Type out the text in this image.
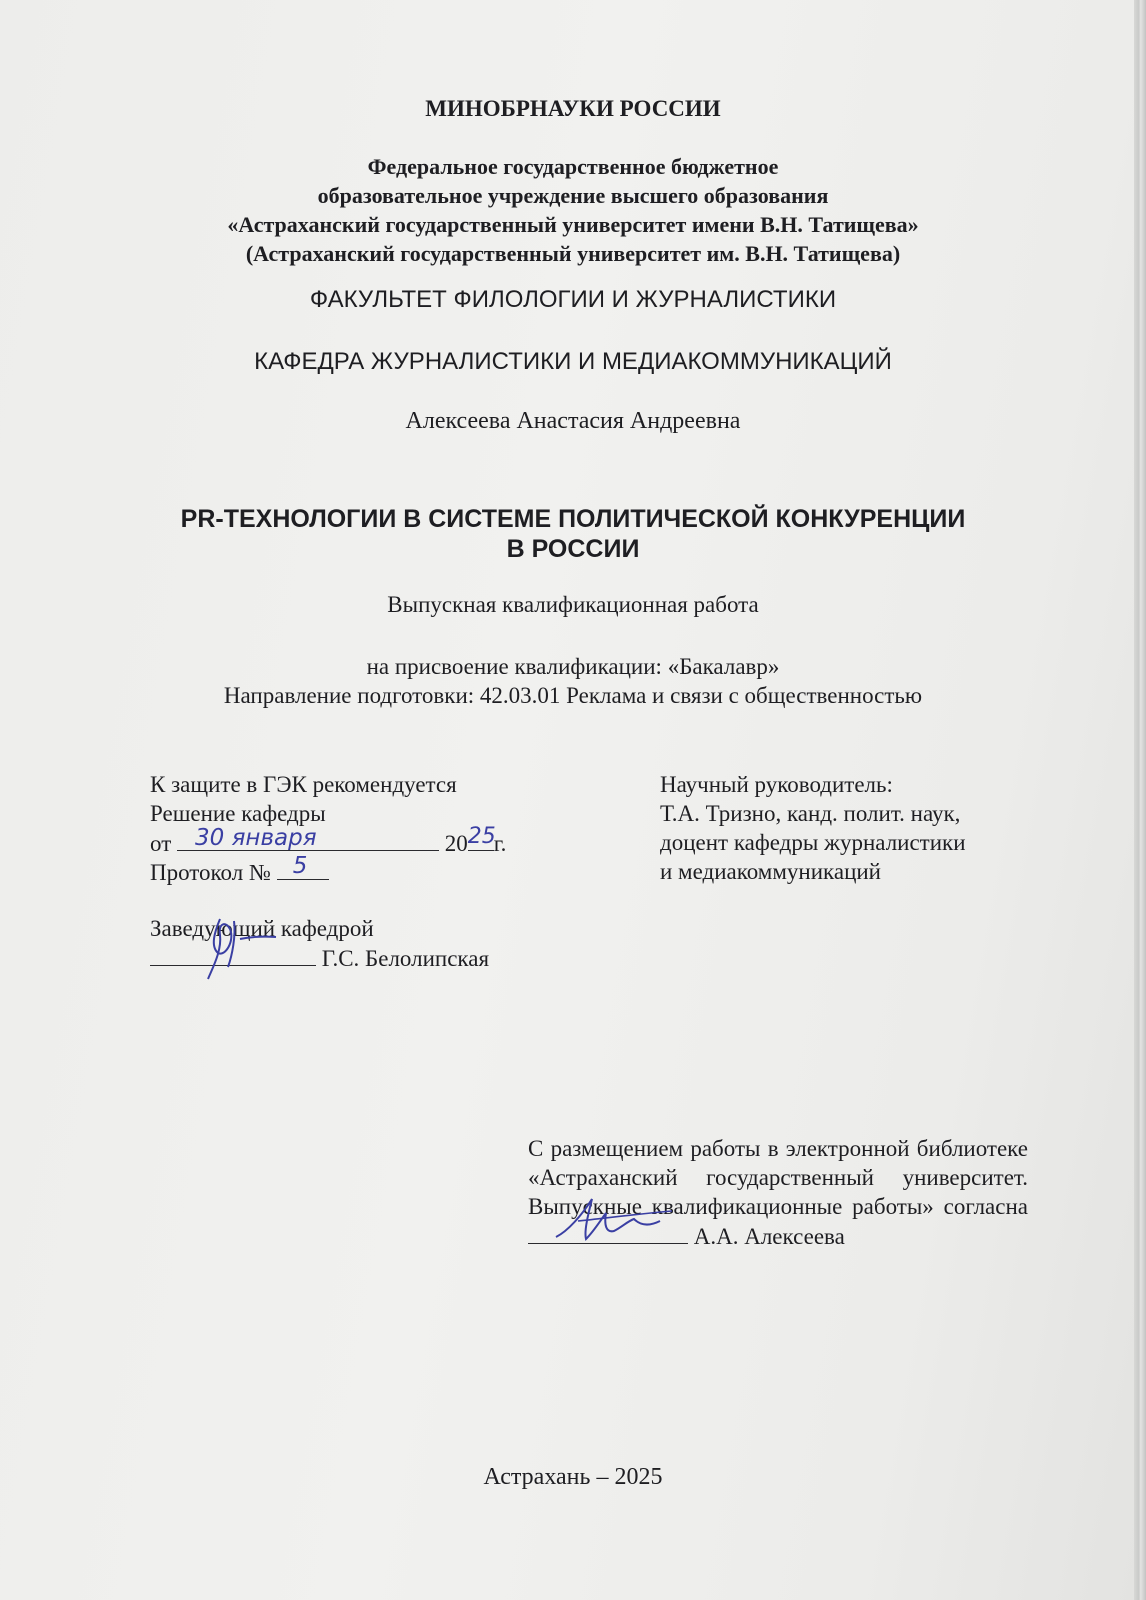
МИНОБРНАУКИ РОССИИ
Федеральное государственное бюджетное
образовательное учреждение высшего образования
«Астраханский государственный университет имени В.Н. Татищева»
(Астраханский государственный университет им. В.Н. Татищева)
ФАКУЛЬТЕТ ФИЛОЛОГИИ И ЖУРНАЛИСТИКИ
КАФЕДРА ЖУРНАЛИСТИКИ И МЕДИАКОММУНИКАЦИЙ
Алексеева Анастасия Андреевна
PR-ТЕХНОЛОГИИ В СИСТЕМЕ ПОЛИТИЧЕСКОЙ КОНКУРЕНЦИИ
В РОССИИ
Выпускная квалификационная работа
на присвоение квалификации: «Бакалавр»
Направление подготовки: 42.03.01 Реклама и связи с общественностью
К защите в ГЭК рекомендуется
Решение кафедры
от 30 января	20 25
г.
Протокол № 5
Заведующий кафедрой
Г.С. Белолипская
Научный руководитель:
Т.А. Тризно, канд. полит. наук,
доцент кафедры журналистики
и медиакоммуникаций
С размещением работы в электронной библиотеке
«Астраханский государственный университет.
Выпускные квалификационные работы» согласна
А.А. Алексеева
Астрахань – 2025
